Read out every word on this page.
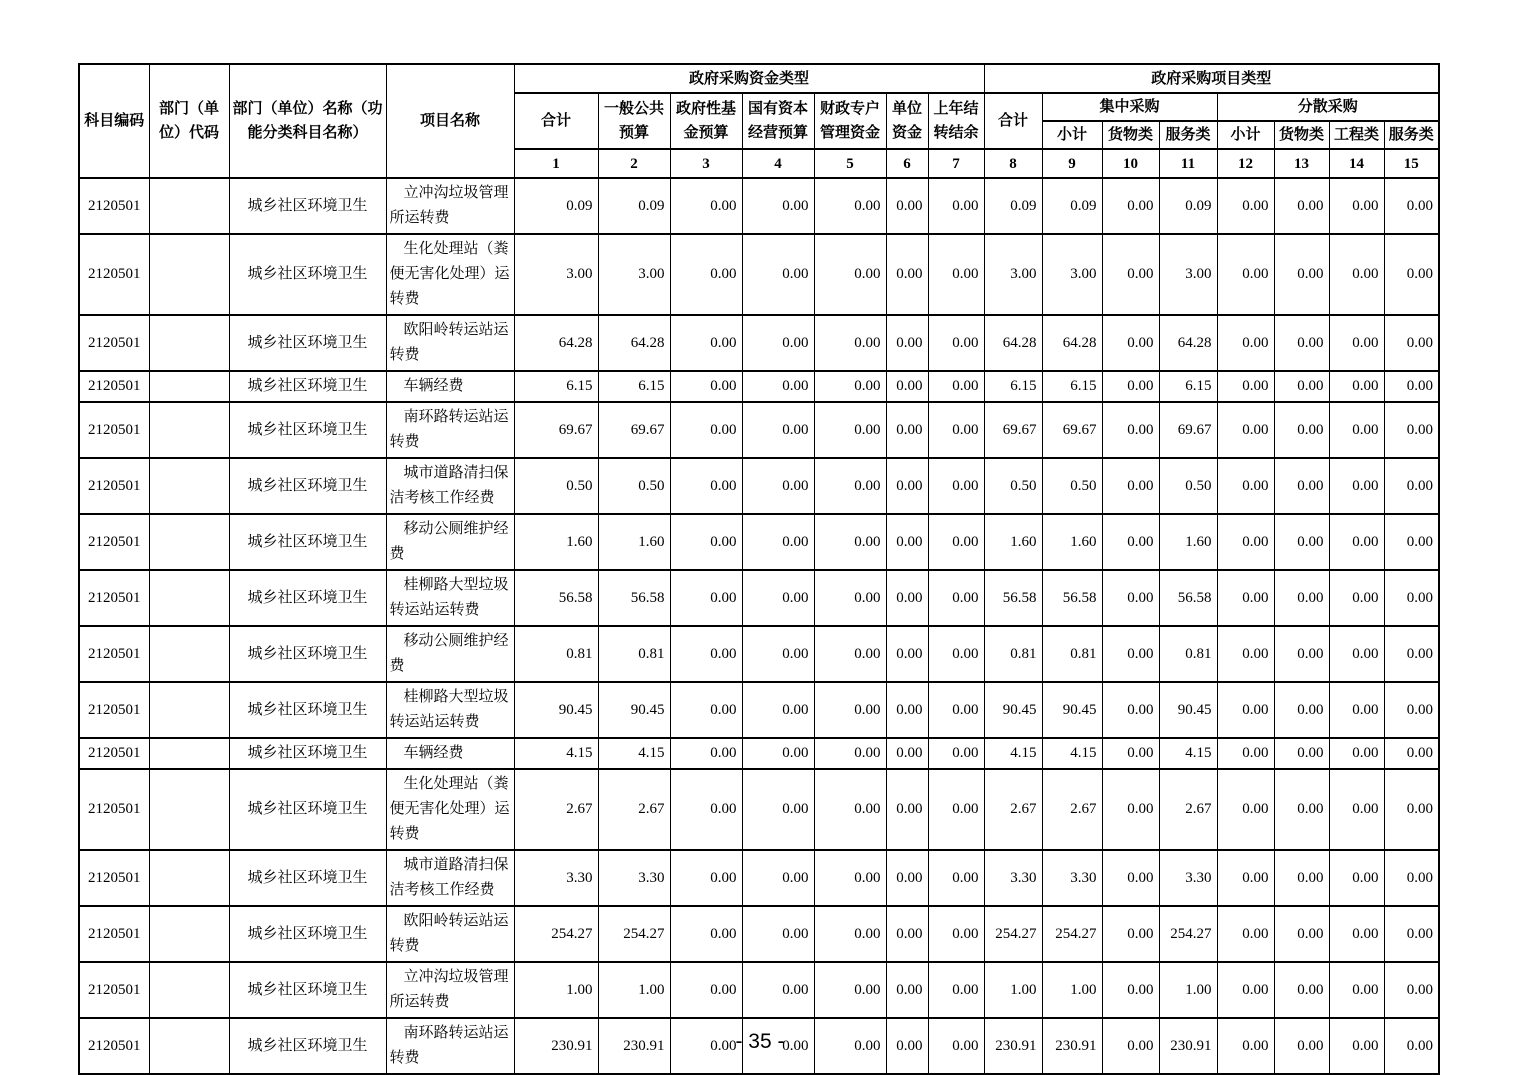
科目编码	部门（单位）代码	部门（单位）名称（功能分类科目名称）	项目名称	政府采购资金类型							政府采购项目类型							
				合计	一般公共预算	政府性基金预算	国有资本经营预算	财政专户管理资金	单位资金	上年结转结余	合计	集中采购			分散采购			
												小计	货物类	服务类	小计	货物类	工程类	服务类
				1	2	3	4	5	6	7	8	9	10	11	12	13	14	15
2120501		城乡社区环境卫生	立冲沟垃圾管理所运转费	0.09	0.09	0.00	0.00	0.00	0.00	0.00	0.09	0.09	0.00	0.09	0.00	0.00	0.00	0.00
2120501		城乡社区环境卫生	生化处理站（粪便无害化处理）运转费	3.00	3.00	0.00	0.00	0.00	0.00	0.00	3.00	3.00	0.00	3.00	0.00	0.00	0.00	0.00
2120501		城乡社区环境卫生	欧阳岭转运站运转费	64.28	64.28	0.00	0.00	0.00	0.00	0.00	64.28	64.28	0.00	64.28	0.00	0.00	0.00	0.00
2120501		城乡社区环境卫生	车辆经费	6.15	6.15	0.00	0.00	0.00	0.00	0.00	6.15	6.15	0.00	6.15	0.00	0.00	0.00	0.00
2120501		城乡社区环境卫生	南环路转运站运转费	69.67	69.67	0.00	0.00	0.00	0.00	0.00	69.67	69.67	0.00	69.67	0.00	0.00	0.00	0.00
2120501		城乡社区环境卫生	城市道路清扫保洁考核工作经费	0.50	0.50	0.00	0.00	0.00	0.00	0.00	0.50	0.50	0.00	0.50	0.00	0.00	0.00	0.00
2120501		城乡社区环境卫生	移动公厕维护经费	1.60	1.60	0.00	0.00	0.00	0.00	0.00	1.60	1.60	0.00	1.60	0.00	0.00	0.00	0.00
2120501		城乡社区环境卫生	桂柳路大型垃圾转运站运转费	56.58	56.58	0.00	0.00	0.00	0.00	0.00	56.58	56.58	0.00	56.58	0.00	0.00	0.00	0.00
2120501		城乡社区环境卫生	移动公厕维护经费	0.81	0.81	0.00	0.00	0.00	0.00	0.00	0.81	0.81	0.00	0.81	0.00	0.00	0.00	0.00
2120501		城乡社区环境卫生	桂柳路大型垃圾转运站运转费	90.45	90.45	0.00	0.00	0.00	0.00	0.00	90.45	90.45	0.00	90.45	0.00	0.00	0.00	0.00
2120501		城乡社区环境卫生	车辆经费	4.15	4.15	0.00	0.00	0.00	0.00	0.00	4.15	4.15	0.00	4.15	0.00	0.00	0.00	0.00
2120501		城乡社区环境卫生	生化处理站（粪便无害化处理）运转费	2.67	2.67	0.00	0.00	0.00	0.00	0.00	2.67	2.67	0.00	2.67	0.00	0.00	0.00	0.00
2120501		城乡社区环境卫生	城市道路清扫保洁考核工作经费	3.30	3.30	0.00	0.00	0.00	0.00	0.00	3.30	3.30	0.00	3.30	0.00	0.00	0.00	0.00
2120501		城乡社区环境卫生	欧阳岭转运站运转费	254.27	254.27	0.00	0.00	0.00	0.00	0.00	254.27	254.27	0.00	254.27	0.00	0.00	0.00	0.00
2120501		城乡社区环境卫生	立冲沟垃圾管理所运转费	1.00	1.00	0.00	0.00	0.00	0.00	0.00	1.00	1.00	0.00	1.00	0.00	0.00	0.00	0.00
2120501		城乡社区环境卫生	南环路转运站运转费	230.91	230.91	0.00	0.00	0.00	0.00	0.00	230.91	230.91	0.00	230.91	0.00	0.00	0.00	0.00
- 35 -
